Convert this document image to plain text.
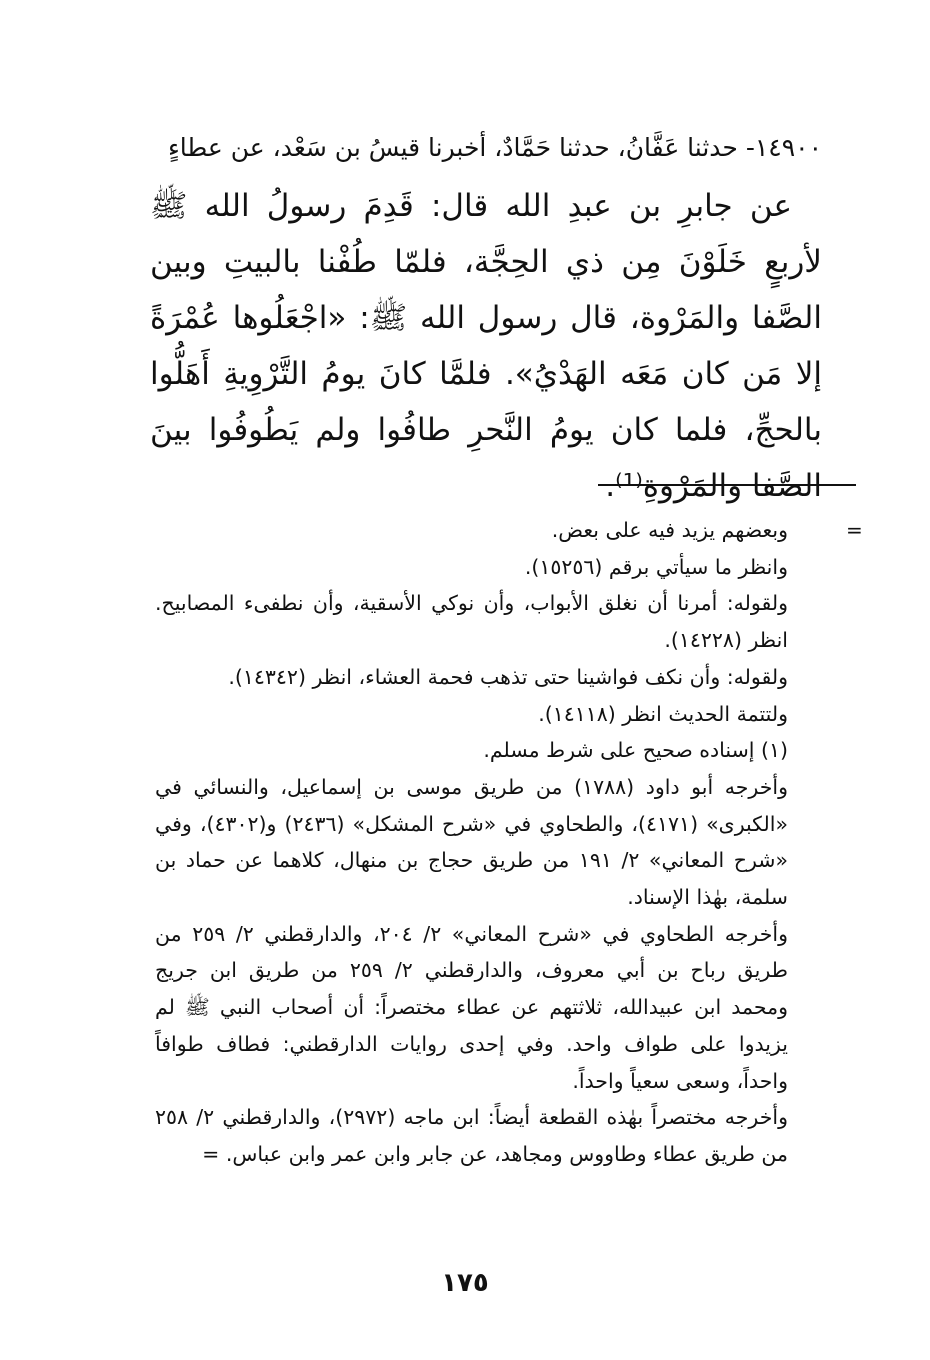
١٤٩٠٠- حدثنا عَفَّانُ، حدثنا حَمَّادٌ، أخبرنا قيسُ بن سَعْد، عن عطاءٍ

عن جابرِ بن عبدِ الله قال: قَدِمَ رسولُ الله ﷺ لأربعٍ خَلَوْنَ مِن ذي الحِجَّة، فلمّا طُفْنا بالبيتِ وبين الصَّفا والمَرْوة، قال رسول الله ﷺ: «اجْعَلُوها عُمْرَةً إلا مَن كان مَعَه الهَدْيُ». فلمَّا كانَ يومُ التَّرْوِيةِ أَهَلُّوا بالحجِّ، فلما كان يومُ النَّحرِ طافُوا ولم يَطُوفُوا بينَ الصَّفا والمَرْوةِ⁽¹⁾.

=

وبعضهم يزيد فيه على بعض.

وانظر ما سيأتي برقم (١٥٢٥٦).

ولقوله: أمرنا أن نغلق الأبواب، وأن نوكي الأسقية، وأن نطفىء المصابيح. انظر (١٤٢٢٨).

ولقوله: وأن نكف فواشينا حتى تذهب فحمة العشاء، انظر (١٤٣٤٢).

ولتتمة الحديث انظر (١٤١١٨).

(١) إسناده صحيح على شرط مسلم.

وأخرجه أبو داود (١٧٨٨) من طريق موسى بن إسماعيل، والنسائي في «الكبرى» (٤١٧١)، والطحاوي في «شرح المشكل» (٢٤٣٦) و(٤٣٠٢)، وفي «شرح المعاني» ٢/ ١٩١ من طريق حجاج بن منهال، كلاهما عن حماد بن سلمة، بهٰذا الإسناد.

وأخرجه الطحاوي في «شرح المعاني» ٢/ ٢٠٤، والدارقطني ٢/ ٢٥٩ من طريق رباح بن أبي معروف، والدارقطني ٢/ ٢٥٩ من طريق ابن جريج ومحمد ابن عبيدالله، ثلاثتهم عن عطاء مختصراً: أن أصحاب النبي ﷺ لم يزيدوا على طواف واحد. وفي إحدى روايات الدارقطني: فطاف طوافاً واحداً، وسعى سعياً واحداً.

وأخرجه مختصراً بهٰذه القطعة أيضاً: ابن ماجه (٢٩٧٢)، والدارقطني ٢/ ٢٥٨ من طريق عطاء وطاووس ومجاهد، عن جابر وابن عمر وابن عباس. =

١٧٥
